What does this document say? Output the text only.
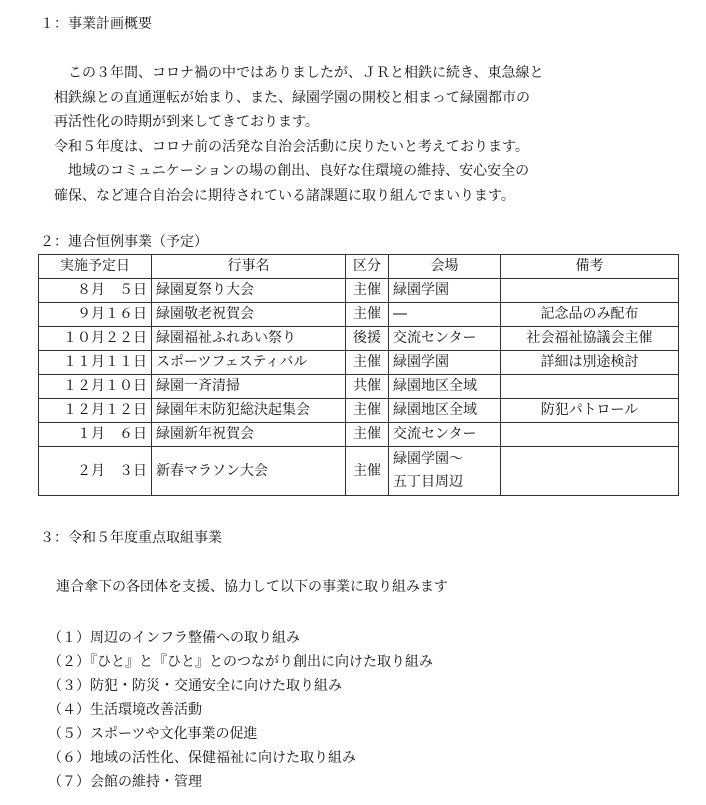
１：事業計画概要
　この３年間、コロナ禍の中ではありましたが、ＪＲと相鉄に続き、東急線と
相鉄線との直通運転が始まり、また、緑園学園の開校と相まって緑園都市の
再活性化の時期が到来してきております。
令和５年度は、コロナ前の活発な自治会活動に戻りたいと考えております。
　地域のコミュニケーションの場の創出、良好な住環境の維持、安心安全の
確保、など連合自治会に期待されている諸課題に取り組んでまいります。
２：連合恒例事業（予定）
実施予定日	行事名	区分	会場	備考
８月　５日	緑園夏祭り大会	主催	緑園学園	
９月１６日	緑園敬老祝賀会	主催	―	記念品のみ配布
１０月２２日	緑園福祉ふれあい祭り	後援	交流センター	社会福祉協議会主催
１１月１１日	スポーツフェスティバル	主催	緑園学園	詳細は別途検討
１２月１０日	緑園一斉清掃	共催	緑園地区全域	
１２月１２日	緑園年末防犯総決起集会	主催	緑園地区全域	防犯パトロール
１月　６日	緑園新年祝賀会	主催	交流センター	
２月　３日	新春マラソン大会	主催	緑園学園～
五丁目周辺	

３：令和５年度重点取組事業
連合傘下の各団体を支援、協力して以下の事業に取り組みます
（１）周辺のインフラ整備への取り組み
（２）『ひと』と『ひと』とのつながり創出に向けた取り組み
（３）防犯・防災・交通安全に向けた取り組み
（４）生活環境改善活動
（５）スポーツや文化事業の促進
（６）地域の活性化、保健福祉に向けた取り組み
（７）会館の維持・管理
